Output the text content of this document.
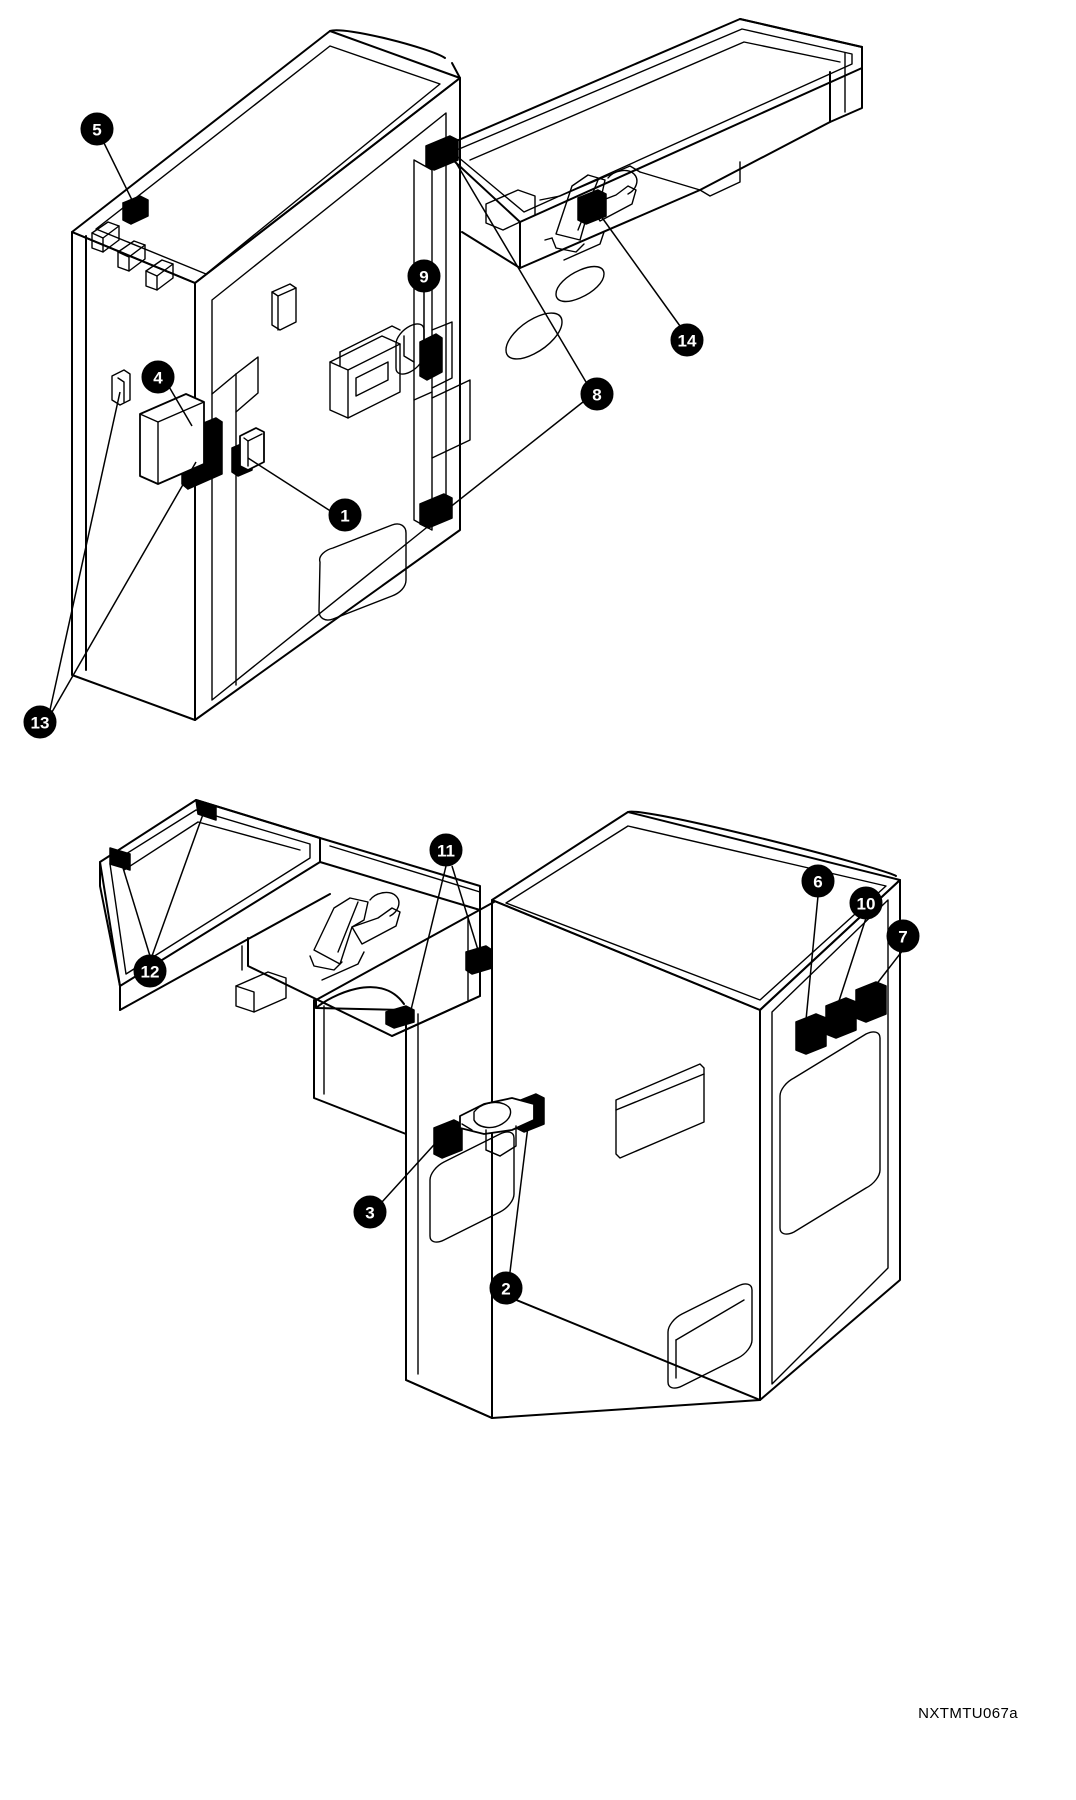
5
9
4
1
8
14
13
11
6
10
7
12
3
2
NXTMTU067a
